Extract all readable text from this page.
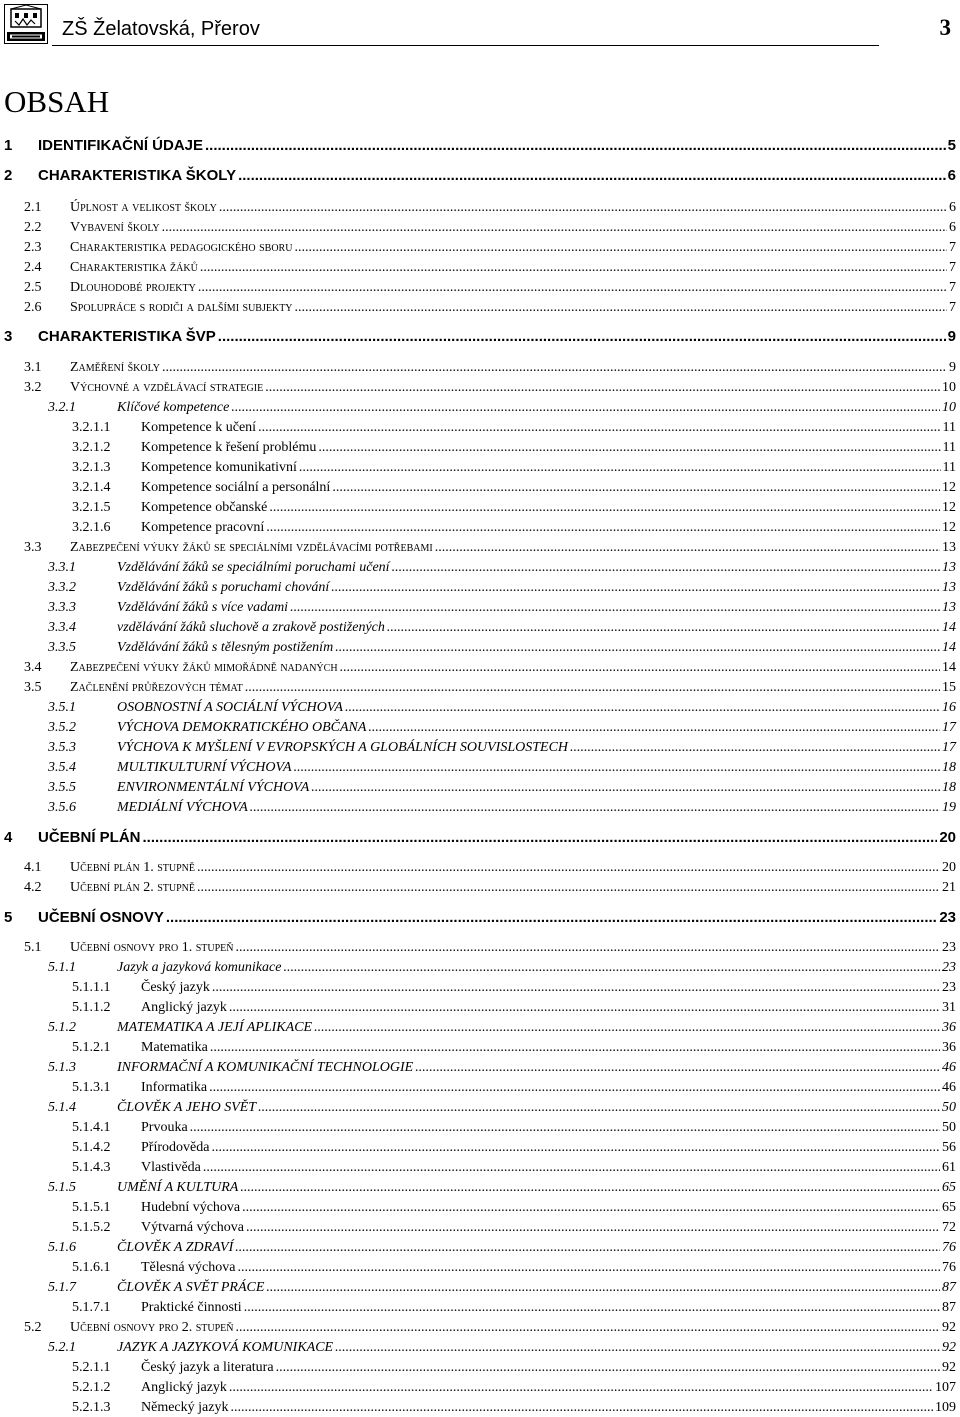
ZŠ Želatovská, Přerov	3
OBSAH
1	IDENTIFIKAČNÍ ÚDAJE .....	5
2	CHARAKTERISTIKA ŠKOLY .....	6
2.1	Úplnost a velikost školy .....	6
2.2	Vybavení školy .....	6
2.3	Charakteristika pedagogického sboru .....	7
2.4	Charakteristika žáků .....	7
2.5	Dlouhodobé projekty .....	7
2.6	Spolupráce s rodiči a dalšími subjekty .....	7
3	CHARAKTERISTIKA ŠVP .....	9
3.1	Zaměření školy .....	9
3.2	Výchovné a vzdělávací strategie .....	10
3.2.1	Klíčové kompetence .....	10
3.2.1.1	Kompetence k učení .....	11
3.2.1.2	Kompetence k řešení problému .....	11
3.2.1.3	Kompetence komunikativní .....	11
3.2.1.4	Kompetence sociální a personální .....	12
3.2.1.5	Kompetence občanské .....	12
3.2.1.6	Kompetence pracovní .....	12
3.3	Zabezpečení výuky žáků se speciálními vzdělávacími potřebami .....	13
3.3.1	Vzdělávání žáků se speciálními poruchami učení .....	13
3.3.2	Vzdělávání žáků s poruchami chování .....	13
3.3.3	Vzdělávání žáků s více vadami .....	13
3.3.4	vzdělávání žáků sluchově a zrakově postižených .....	14
3.3.5	Vzdělávání žáků s tělesným postižením .....	14
3.4	Zabezpečení výuky žáků mimořádně nadaných .....	14
3.5	Začlenění průřezových témat .....	15
3.5.1	OSOBNOSTNÍ A SOCIÁLNÍ VÝCHOVA .....	16
3.5.2	VÝCHOVA DEMOKRATICKÉHO OBČANA .....	17
3.5.3	VÝCHOVA K MYŠLENÍ V EVROPSKÝCH A GLOBÁLNÍCH SOUVISLOSTECH .....	17
3.5.4	MULTIKULTURNÍ VÝCHOVA .....	18
3.5.5	ENVIRONMENTÁLNÍ VÝCHOVA .....	18
3.5.6	MEDIÁLNÍ VÝCHOVA .....	19
4	UČEBNÍ PLÁN .....	20
4.1	Učební plán 1. stupně .....	20
4.2	Učební plán 2. stupně .....	21
5	UČEBNÍ OSNOVY .....	23
5.1	Učební osnovy pro 1. stupeň .....	23
5.1.1	Jazyk a jazyková komunikace .....	23
5.1.1.1	Český jazyk .....	23
5.1.1.2	Anglický jazyk .....	31
5.1.2	MATEMATIKA A JEJÍ APLIKACE .....	36
5.1.2.1	Matematika .....	36
5.1.3	INFORMAČNÍ A KOMUNIKAČNÍ TECHNOLOGIE .....	46
5.1.3.1	Informatika .....	46
5.1.4	ČLOVĚK A JEHO SVĚT .....	50
5.1.4.1	Prvouka .....	50
5.1.4.2	Přírodověda .....	56
5.1.4.3	Vlastivěda .....	61
5.1.5	UMĚNÍ A KULTURA .....	65
5.1.5.1	Hudební výchova .....	65
5.1.5.2	Výtvarná výchova .....	72
5.1.6	ČLOVĚK A ZDRAVÍ .....	76
5.1.6.1	Tělesná výchova .....	76
5.1.7	ČLOVĚK A SVĚT PRÁCE .....	87
5.1.7.1	Praktické činnosti .....	87
5.2	Učební osnovy pro 2. stupeň .....	92
5.2.1	JAZYK A JAZYKOVÁ KOMUNIKACE .....	92
5.2.1.1	Český jazyk a literatura .....	92
5.2.1.2	Anglický jazyk .....	107
5.2.1.3	Německý jazyk .....	109
